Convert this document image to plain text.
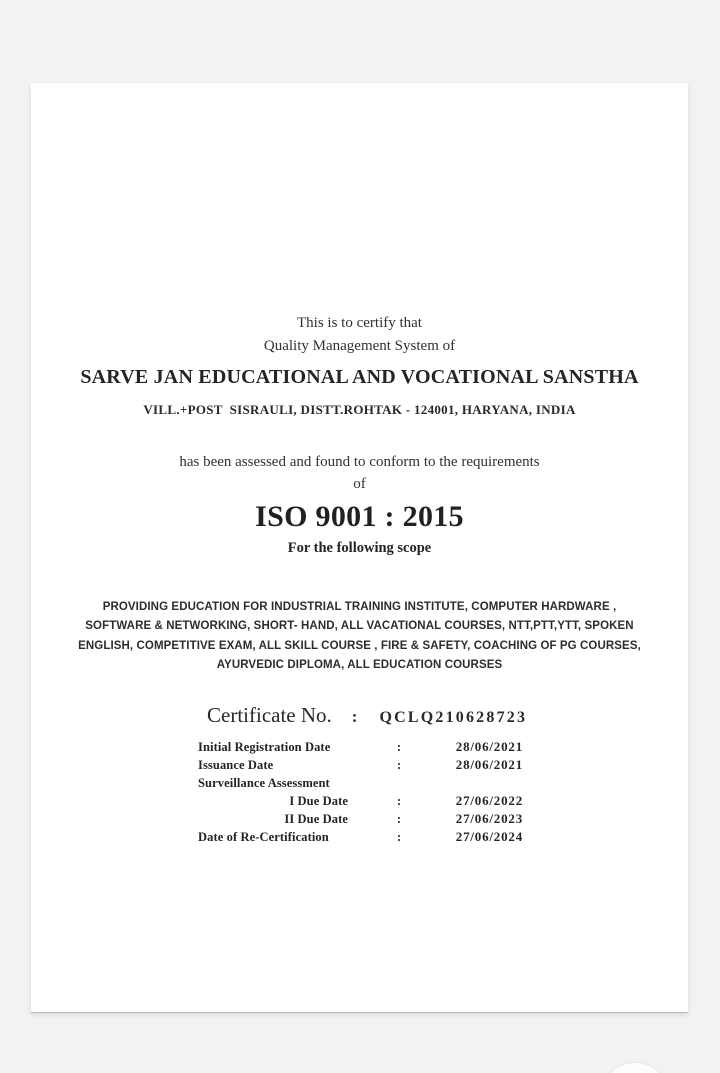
This is to certify that
Quality Management System of
SARVE JAN EDUCATIONAL AND VOCATIONAL SANSTHA
VILL.+POST  SISRAULI, DISTT.ROHTAK - 124001, HARYANA, INDIA
has been assessed and found to conform to the requirements
of
ISO 9001 : 2015
For the following scope
PROVIDING EDUCATION FOR INDUSTRIAL TRAINING INSTITUTE, COMPUTER HARDWARE ,
SOFTWARE & NETWORKING, SHORT- HAND, ALL VACATIONAL COURSES, NTT,PTT,YTT, SPOKEN
ENGLISH, COMPETITIVE EXAM, ALL SKILL COURSE , FIRE & SAFETY, COACHING OF PG COURSES,
AYURVEDIC DIPLOMA, ALL EDUCATION COURSES
Certificate No. : QCLQ210628723
Initial Registration Date	:	28/06/2021
Issuance Date	:	28/06/2021
Surveillance Assessment
I Due Date	:	27/06/2022
II Due Date	:	27/06/2023
Date of Re-Certification	:	27/06/2024
